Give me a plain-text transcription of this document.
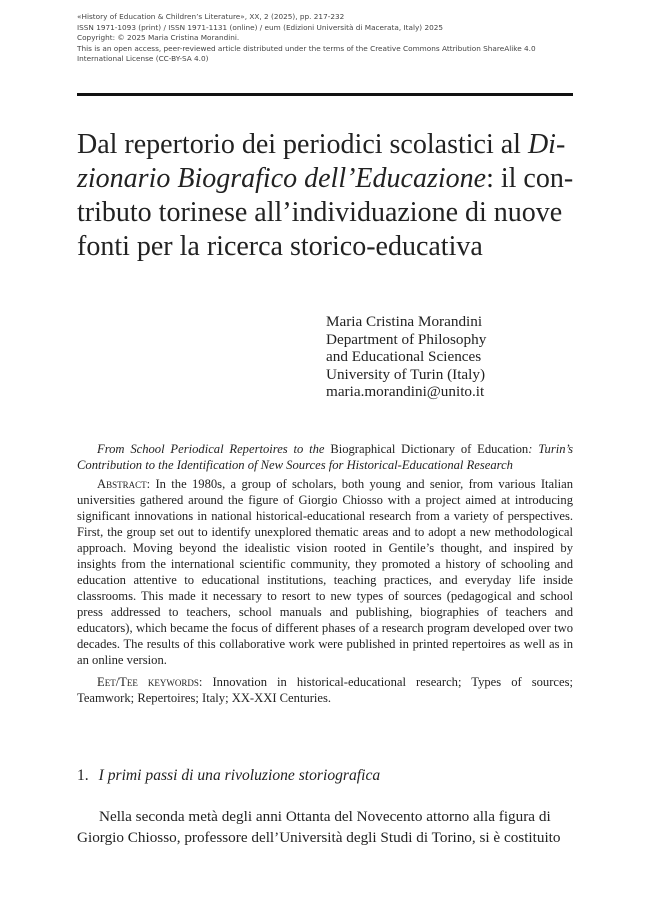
«History of Education & Children’s Literature», XX, 2 (2025), pp. 217-232
ISSN 1971-1093 (print) / ISSN 1971-1131 (online) / eum (Edizioni Università di Macerata, Italy) 2025
Copyright: © 2025 Maria Cristina Morandini.
This is an open access, peer-reviewed article distributed under the terms of the Creative Commons Attribution ShareAlike 4.0
International License (CC-BY-SA 4.0)
Dal repertorio dei periodici scolastici al Di-
zionario Biografico dell’Educazione: il con-
tributo torinese all’individuazione di nuove
fonti per la ricerca storico-educativa
Maria Cristina Morandini
Department of Philosophy
and Educational Sciences
University of Turin (Italy)
maria.morandini@unito.it

From School Periodical Repertoires to the Biographical Dictionary of Education: Turin’s Contribution to the Identification of New Sources for Historical-Educational Research

Abstract: In the 1980s, a group of scholars, both young and senior, from various Italian universities gathered around the figure of Giorgio Chiosso with a project aimed at introducing significant innovations in national historical-educational research from a variety of perspectives. First, the group set out to identify unexplored thematic areas and to adopt a new methodological approach. Moving beyond the idealistic vision rooted in Gentile’s thought, and inspired by insights from the international scientific community, they promoted a history of schooling and education attentive to educational institutions, teaching practices, and everyday life inside classrooms. This made it necessary to resort to new types of sources (pedagogical and school press addressed to teachers, school manuals and publishing, biographies of teachers and educators), which became the focus of different phases of a research program developed over two decades. The results of this collaborative work were published in printed repertoires as well as in an online version.

Eet/Tee keywords: Innovation in historical-educational research; Types of sources; Teamwork; Repertoires; Italy; XX-XXI Centuries.

1. I primi passi di una rivoluzione storiografica
Nella seconda metà degli anni Ottanta del Novecento attorno alla figura di
Giorgio Chiosso, professore dell’Università degli Studi di Torino, si è costituito
